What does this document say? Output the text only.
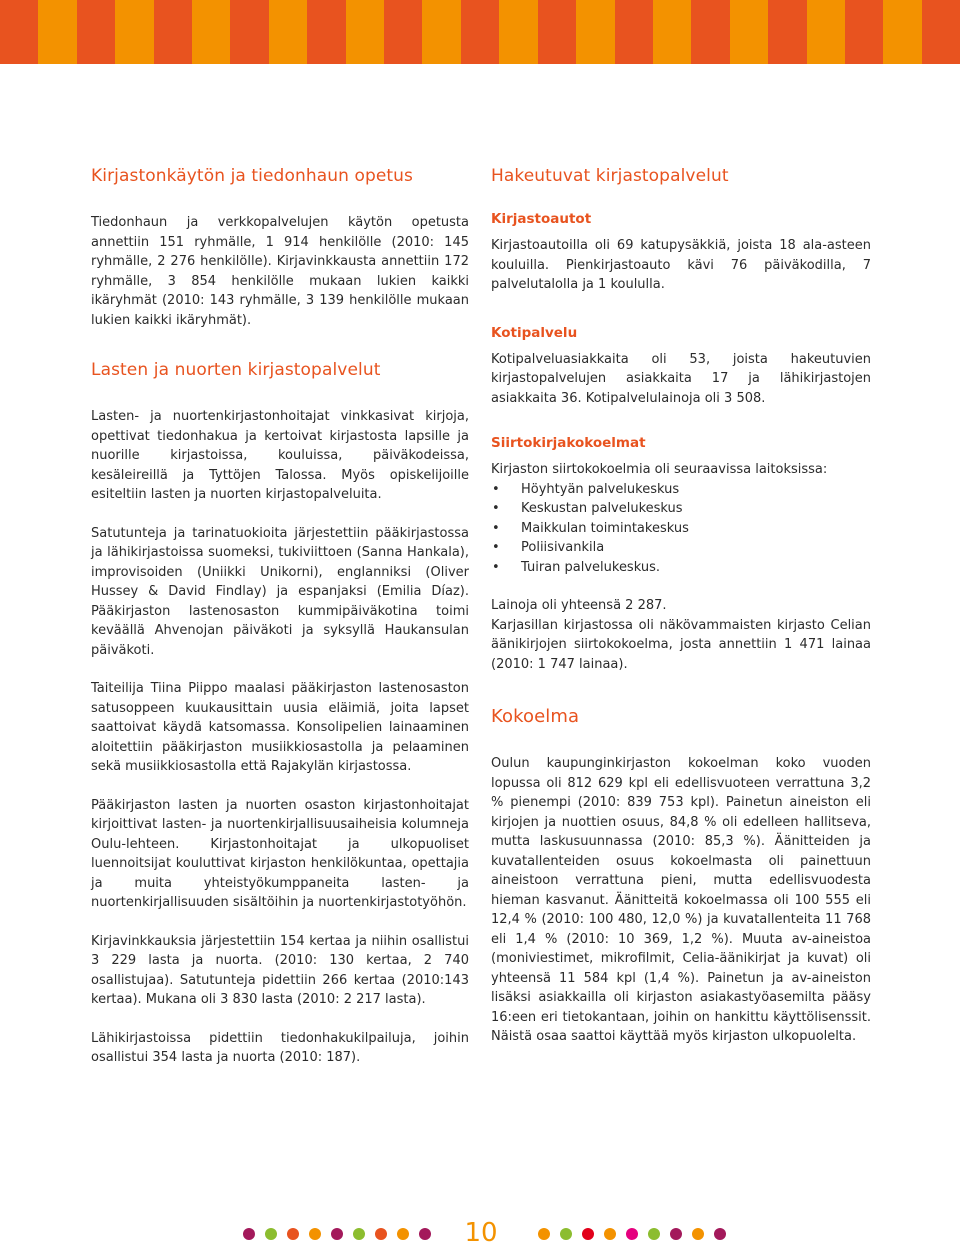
Kirjastonkäytön ja tiedonhaun opetus

Tiedonhaun ja verkkopalvelujen käytön opetusta annettiin 151 ryhmälle, 1 914 henkilölle (2010: 145 ryhmälle, 2 276 henkilölle). Kirjavinkkausta annettiin 172 ryhmälle, 3 854 henkilölle mukaan lukien kaikki ikäryhmät (2010: 143 ryhmälle, 3 139 henkilölle mukaan lukien kaikki ikäryhmät).

Lasten ja nuorten kirjastopalvelut

Lasten- ja nuortenkirjastonhoitajat vinkkasivat kirjoja, opettivat tiedonhakua ja kertoivat kirjastosta lapsille ja nuorille kirjastoissa, kouluissa, päiväkodeissa, kesäleireillä ja Tyttöjen Talossa. Myös opiskelijoille esiteltiin lasten ja nuorten kirjastopalveluita.

Satutunteja ja tarinatuokioita järjestettiin pääkirjastossa ja lähikirjastoissa suomeksi, tukiviittoen (Sanna Hankala), improvisoiden (Uniikki Unikorni), englanniksi (Oliver Hussey & David Findlay) ja espanjaksi (Emilia Díaz). Pääkirjaston lastenosaston kummipäiväkotina toimi keväällä Ahvenojan päiväkoti ja syksyllä Haukansulan päiväkoti.

Taiteilija Tiina Piippo maalasi pääkirjaston lastenosaston satusoppeen kuukausittain uusia eläimiä, joita lapset saattoivat käydä katsomassa. Konsolipelien lainaaminen aloitettiin pääkirjaston musiikkiosastolla ja pelaaminen sekä musiikkiosastolla että Rajakylän kirjastossa.

Pääkirjaston lasten ja nuorten osaston kirjastonhoitajat kirjoittivat lasten- ja nuortenkirjallisuusaiheisia kolumneja Oulu-lehteen. Kirjastonhoitajat ja ulkopuoliset luennoitsijat kouluttivat kirjaston henkilökuntaa, opettajia ja muita yhteistyökumppaneita lasten- ja nuortenkirjallisuuden sisältöihin ja nuortenkirjastotyöhön.

Kirjavinkkauksia järjestettiin 154 kertaa ja niihin osallistui 3 229 lasta ja nuorta. (2010: 130 kertaa, 2 740 osallistujaa). Satutunteja pidettiin 266 kertaa (2010:143 kertaa). Mukana oli 3 830 lasta (2010: 2 217 lasta).

Lähikirjastoissa pidettiin tiedonhakukilpailuja, joihin osallistui 354 lasta ja nuorta (2010: 187).

Hakeutuvat kirjastopalvelut
Kirjastoautot

Kirjastoautoilla oli 69 katupysäkkiä, joista 18 ala-asteen kouluilla. Pienkirjastoauto kävi 76 päiväkodilla, 7 palvelutalolla ja 1 koululla.

Kotipalvelu

Kotipalveluasiakkaita oli 53, joista hakeutuvien kirjastopalvelujen asiakkaita 17 ja lähikirjastojen asiakkaita 36. Kotipalvelulainoja oli 3 508.

Siirtokirjakokoelmat

Kirjaston siirtokokoelmia oli seuraavissa laitoksissa:

• Höyhtyän palvelukeskus
• Keskustan palvelukeskus
• Maikkulan toimintakeskus
• Poliisivankila
• Tuiran palvelukeskus.

Lainoja oli yhteensä 2 287.

Karjasillan kirjastossa oli näkövammaisten kirjasto Celian äänikirjojen siirtokokoelma, josta annettiin 1 471 lainaa (2010: 1 747 lainaa).

Kokoelma

Oulun kaupunginkirjaston kokoelman koko vuoden lopussa oli 812 629 kpl eli edellisvuoteen verrattuna 3,2 % pienempi (2010: 839 753 kpl). Painetun aineiston eli kirjojen ja nuottien osuus, 84,8 % oli edelleen hallitseva, mutta laskusuunnassa (2010: 85,3 %). Äänitteiden ja kuvatallenteiden osuus kokoelmasta oli painettuun aineistoon verrattuna pieni, mutta edellisvuodesta hieman kasvanut. Äänitteitä kokoelmassa oli 100 555 eli 12,4 % (2010: 100 480, 12,0 %) ja kuvatallenteita 11 768 eli 1,4 % (2010: 10 369, 1,2 %). Muuta av-aineistoa (moniviestimet, mikrofilmit, Celia-äänikirjat ja kuvat) oli yhteensä 11 584 kpl (1,4 %). Painetun ja av-aineiston lisäksi asiakkailla oli kirjaston asiakastyöasemilta pääsy 16:een eri tietokantaan, joihin on hankittu käyttölisenssit. Näistä osaa saattoi käyttää myös kirjaston ulkopuolelta.

10
